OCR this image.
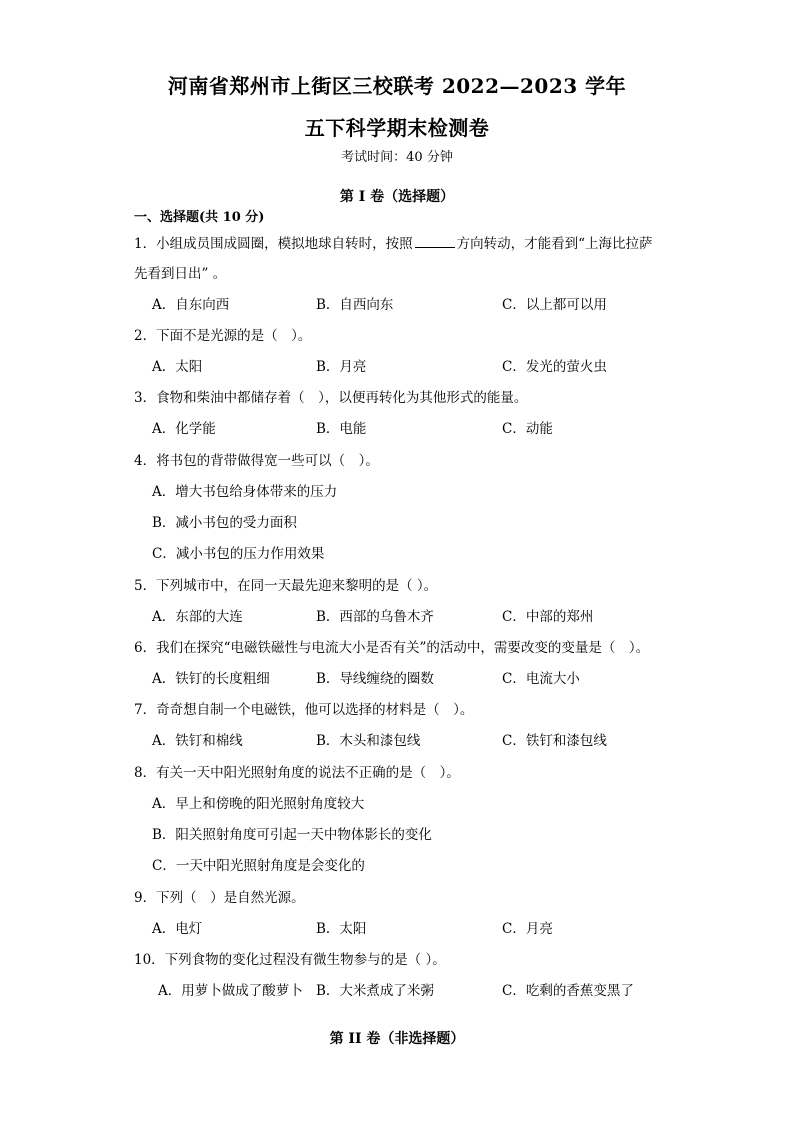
河南省郑州市上街区三校联考 2022—2023 学年
五下科学期末检测卷
考试时间：40 分钟
第 I 卷（选择题）
一、选择题(共 10 分)
1．小组成员围成圆圈，模拟地球自转时，按照	方向转动，才能看到“上海比拉萨
先看到日出” 。
A．自东向西	B．自西向东	C．以上都可以用
2．下面不是光源的是（　）。
A．太阳	B．月亮	C．发光的萤火虫
3．食物和柴油中都储存着（　），以便再转化为其他形式的能量。
A．化学能	B．电能	C．动能
4．将书包的背带做得宽一些可以（　）。
A．增大书包给身体带来的压力
B．减小书包的受力面积
C．减小书包的压力作用效果
5．下列城市中，在同一天最先迎来黎明的是（ ）。
A．东部的大连	B．西部的乌鲁木齐	C．中部的郑州
6．我们在探究“电磁铁磁性与电流大小是否有关”的活动中，需要改变的变量是（　）。
A．铁钉的长度粗细	B．导线缠绕的圈数	C．电流大小
7．奇奇想自制一个电磁铁，他可以选择的材料是（　）。
A．铁钉和棉线	B．木头和漆包线	C．铁钉和漆包线
8．有关一天中阳光照射角度的说法不正确的是（　）。
A．早上和傍晚的阳光照射角度较大
B．阳关照射角度可引起一天中物体影长的变化
C．一天中阳光照射角度是会变化的
9．下列（　）是自然光源。
A．电灯	B．太阳	C．月亮
10．下列食物的变化过程没有微生物参与的是（ ）。
A．用萝卜做成了酸萝卜 B．大米煮成了米粥	C．吃剩的香蕉变黑了
第 II 卷（非选择题）
